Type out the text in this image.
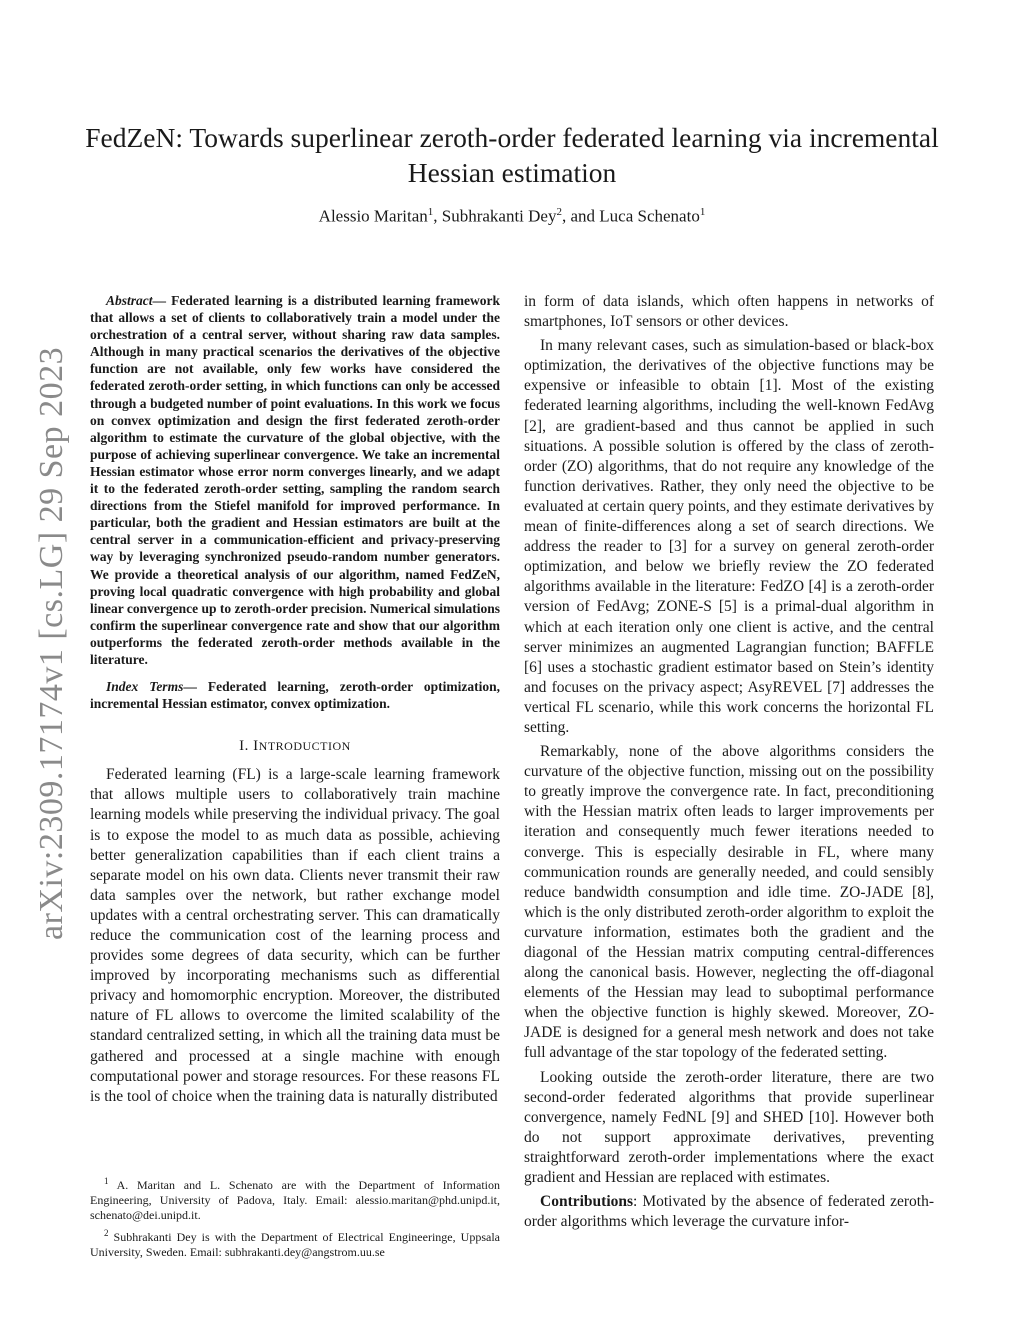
arXiv:2309.17174v1 [cs.LG] 29 Sep 2023
FedZeN: Towards superlinear zeroth-order federated learning via incremental Hessian estimation
Alessio Maritan$^1$, Subhrakanti Dey$^2$, and Luca Schenato$^1$

Abstract— Federated learning is a distributed learning framework that allows a set of clients to collaboratively train a model under the orchestration of a central server, without sharing raw data samples. Although in many practical scenarios the derivatives of the objective function are not available, only few works have considered the federated zeroth-order setting, in which functions can only be accessed through a budgeted number of point evaluations. In this work we focus on convex optimization and design the first federated zeroth-order algorithm to estimate the curvature of the global objective, with the purpose of achieving superlinear convergence. We take an incremental Hessian estimator whose error norm converges linearly, and we adapt it to the federated zeroth-order setting, sampling the random search directions from the Stiefel manifold for improved performance. In particular, both the gradient and Hessian estimators are built at the central server in a communication-efficient and privacy-preserving way by leveraging synchronized pseudo-random number generators. We provide a theoretical analysis of our algorithm, named FedZeN, proving local quadratic convergence with high probability and global linear convergence up to zeroth-order precision. Numerical simulations confirm the superlinear convergence rate and show that our algorithm outperforms the federated zeroth-order methods available in the literature.

Index Terms— Federated learning, zeroth-order optimization, incremental Hessian estimator, convex optimization.

I. INTRODUCTION

Federated learning (FL) is a large-scale learning framework that allows multiple users to collaboratively train machine learning models while preserving the individual privacy. The goal is to expose the model to as much data as possible, achieving better generalization capabilities than if each client trains a separate model on his own data. Clients never transmit their raw data samples over the network, but rather exchange model updates with a central orchestrating server. This can dramatically reduce the communication cost of the learning process and provides some degrees of data security, which can be further improved by incorporating mechanisms such as differential privacy and homomorphic encryption. Moreover, the distributed nature of FL allows to overcome the limited scalability of the standard centralized setting, in which all the training data must be gathered and processed at a single machine with enough computational power and storage resources. For these reasons FL is the tool of choice when the training data is naturally distributed

$^1$ A. Maritan and L. Schenato are with the Department of Information Engineering, University of Padova, Italy. Email: alessio.maritan@phd.unipd.it, schenato@dei.unipd.it.

$^2$ Subhrakanti Dey is with the Department of Electrical Engineeringe, Uppsala University, Sweden. Email: subhrakanti.dey@angstrom.uu.se

in form of data islands, which often happens in networks of smartphones, IoT sensors or other devices.

In many relevant cases, such as simulation-based or black-box optimization, the derivatives of the objective functions may be expensive or infeasible to obtain [1]. Most of the existing federated learning algorithms, including the well-known FedAvg [2], are gradient-based and thus cannot be applied in such situations. A possible solution is offered by the class of zeroth-order (ZO) algorithms, that do not require any knowledge of the function derivatives. Rather, they only need the objective to be evaluated at certain query points, and they estimate derivatives by mean of finite-differences along a set of search directions. We address the reader to [3] for a survey on general zeroth-order optimization, and below we briefly review the ZO federated algorithms available in the literature: FedZO [4] is a zeroth-order version of FedAvg; ZONE-S [5] is a primal-dual algorithm in which at each iteration only one client is active, and the central server minimizes an augmented Lagrangian function; BAFFLE [6] uses a stochastic gradient estimator based on Stein’s identity and focuses on the privacy aspect; AsyREVEL [7] addresses the vertical FL scenario, while this work concerns the horizontal FL setting.

Remarkably, none of the above algorithms considers the curvature of the objective function, missing out on the possibility to greatly improve the convergence rate. In fact, preconditioning with the Hessian matrix often leads to larger improvements per iteration and consequently much fewer iterations needed to converge. This is especially desirable in FL, where many communication rounds are generally needed, and could sensibly reduce bandwidth consumption and idle time. ZO-JADE [8], which is the only distributed zeroth-order algorithm to exploit the curvature information, estimates both the gradient and the diagonal of the Hessian matrix computing central-differences along the canonical basis. However, neglecting the off-diagonal elements of the Hessian may lead to suboptimal performance when the objective function is highly skewed. Moreover, ZO-JADE is designed for a general mesh network and does not take full advantage of the star topology of the federated setting.

Looking outside the zeroth-order literature, there are two second-order federated algorithms that provide superlinear convergence, namely FedNL [9] and SHED [10]. However both do not support approximate derivatives, preventing straightforward zeroth-order implementations where the exact gradient and Hessian are replaced with estimates.

Contributions: Motivated by the absence of federated zeroth-order algorithms which leverage the curvature infor-
